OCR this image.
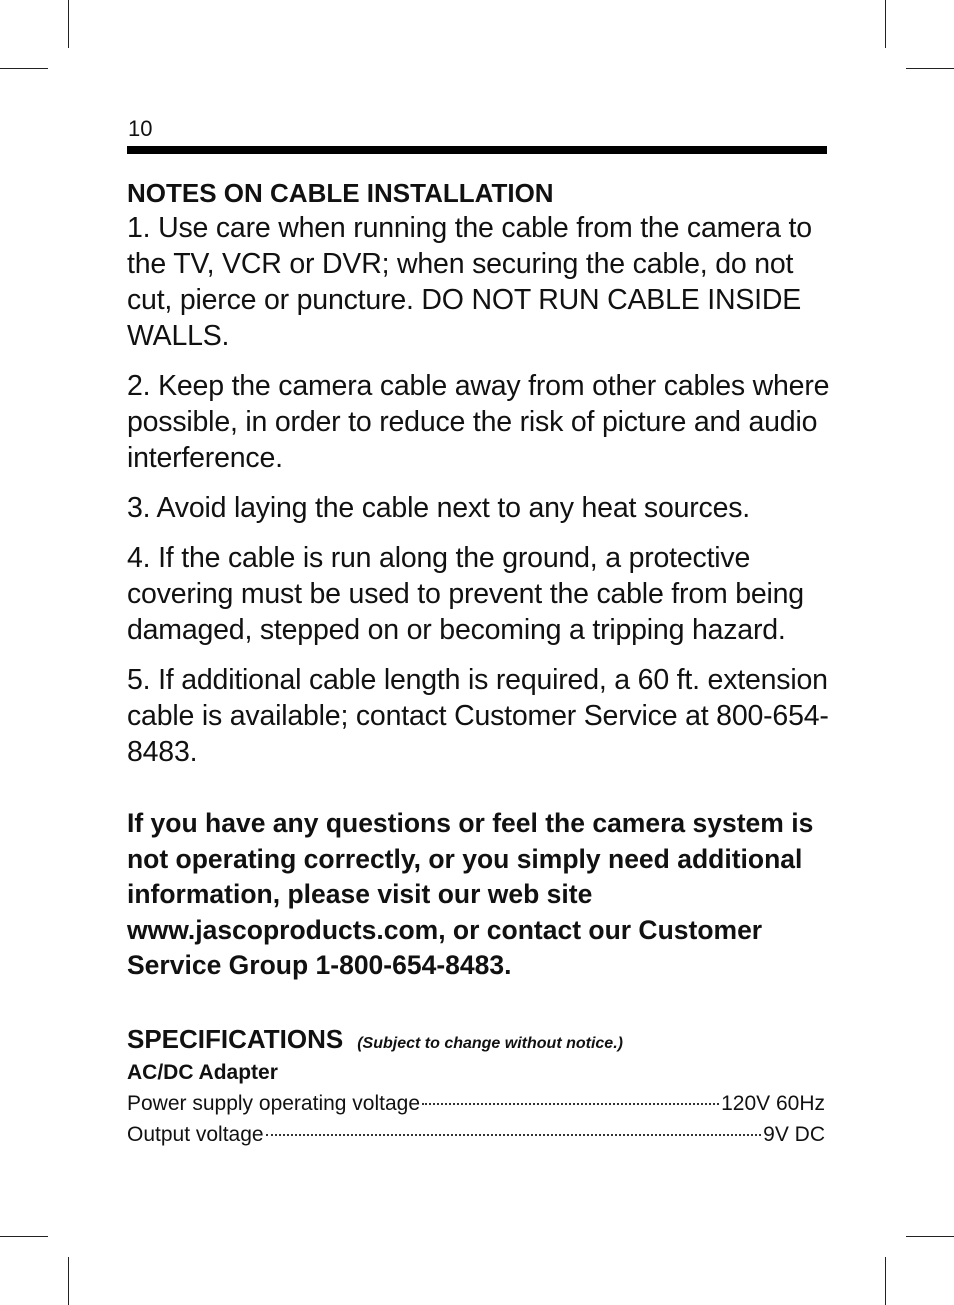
10
NOTES ON CABLE INSTALLATION

1. Use care when running the cable from the camera to the TV, VCR or DVR; when securing the cable, do not cut, pierce or puncture. DO NOT RUN CABLE INSIDE WALLS.

2. Keep the camera cable away from other cables where possible, in order to reduce the risk of picture and audio interference.

3. Avoid laying the cable next to any heat sources.

4. If the cable is run along the ground, a protective covering must be used to prevent the cable from being damaged, stepped on or becoming a tripping hazard.

5. If additional cable length is required, a 60 ft. extension cable is available; contact Customer Service at 800-654-8483.

If you have any questions or feel the camera system is not operating correctly, or you simply need additional information, please visit our web site www.jascoproducts.com, or contact our Customer Service Group 1-800-654-8483.

SPECIFICATIONS (Subject to change without notice.)
AC/DC Adapter
Power supply operating voltage	120V 60Hz
Output voltage	9V DC
